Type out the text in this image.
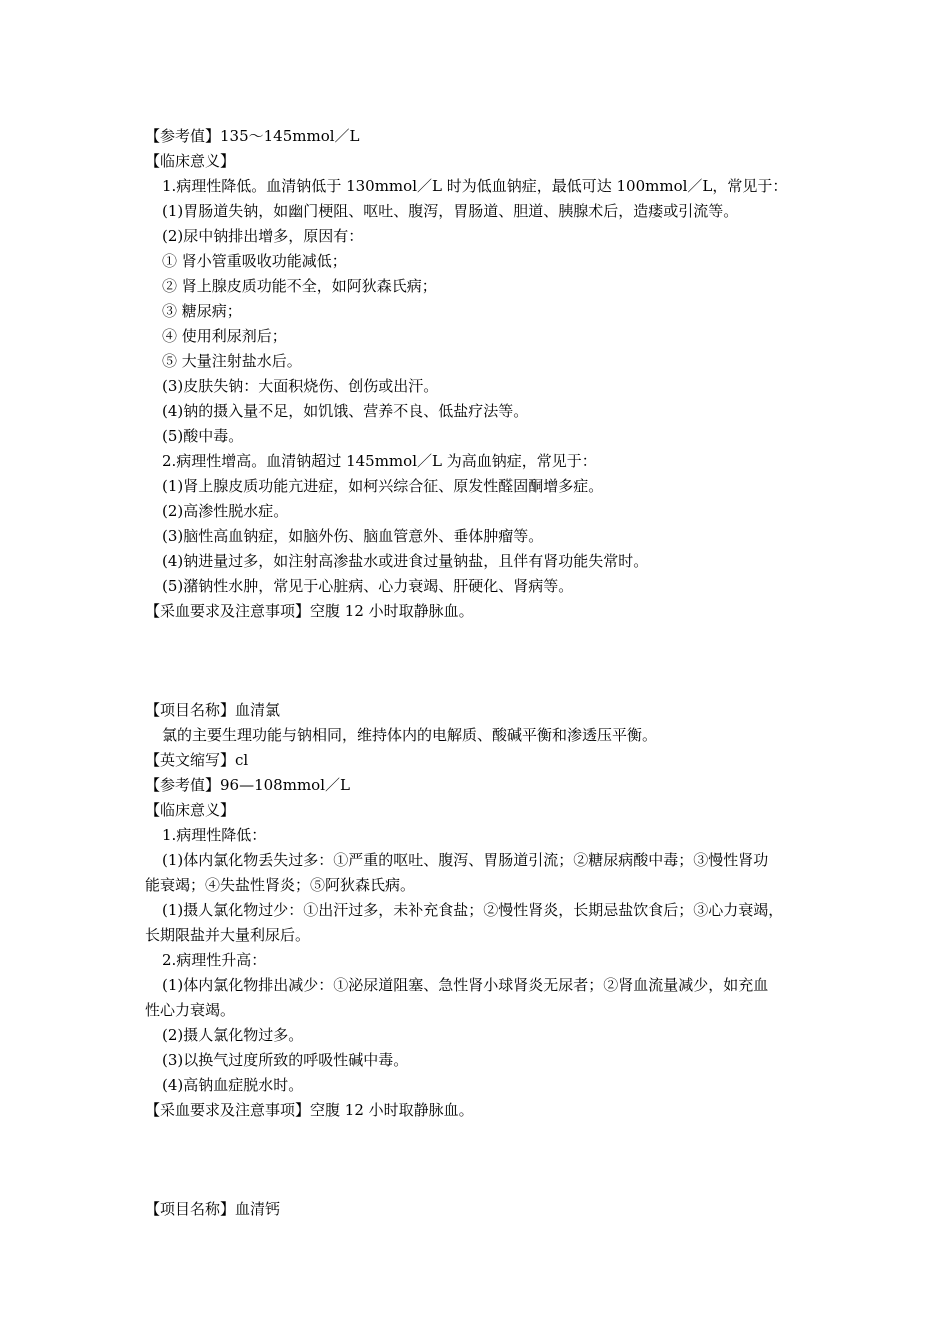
【参考值】135～145mmol／L
【临床意义】
1.病理性降低。血清钠低于 130mmol／L 时为低血钠症，最低可达 100mmol／L，常见于：
(1)胃肠道失钠，如幽门梗阻、呕吐、腹泻，胃肠道、胆道、胰腺术后，造瘘或引流等。
(2)尿中钠排出增多，原因有：
① 肾小管重吸收功能减低；
② 肾上腺皮质功能不全，如阿狄森氏病；
③ 糖尿病；
④ 使用利尿剂后；
⑤ 大量注射盐水后。
(3)皮肤失钠：大面积烧伤、创伤或出汗。
(4)钠的摄入量不足，如饥饿、营养不良、低盐疗法等。
(5)酸中毒。
2.病理性增高。血清钠超过 145mmol／L 为高血钠症，常见于：
(1)肾上腺皮质功能亢进症，如柯兴综合征、原发性醛固酮增多症。
(2)高渗性脱水症。
(3)脑性高血钠症，如脑外伤、脑血管意外、垂体肿瘤等。
(4)钠进量过多，如注射高渗盐水或进食过量钠盐，且伴有肾功能失常时。
(5)潴钠性水肿，常见于心脏病、心力衰竭、肝硬化、肾病等。
【采血要求及注意事项】空腹 12 小时取静脉血。
【项目名称】血清氯
氯的主要生理功能与钠相同，维持体内的电解质、酸碱平衡和渗透压平衡。
【英文缩写】cl
【参考值】96—108mmol／L
【临床意义】
1.病理性降低：
(1)体内氯化物丢失过多：①严重的呕吐、腹泻、胃肠道引流；②糖尿病酸中毒；③慢性肾功
能衰竭；④失盐性肾炎；⑤阿狄森氏病。
(1)摄人氯化物过少：①出汗过多，未补充食盐；②慢性肾炎，长期忌盐饮食后；③心力衰竭，
长期限盐并大量利尿后。
2.病理性升高：
(1)体内氯化物排出减少：①泌尿道阻塞、急性肾小球肾炎无尿者；②肾血流量减少，如充血
性心力衰竭。
(2)摄人氯化物过多。
(3)以换气过度所致的呼吸性碱中毒。
(4)高钠血症脱水时。
【采血要求及注意事项】空腹 12 小时取静脉血。
【项目名称】血清钙
